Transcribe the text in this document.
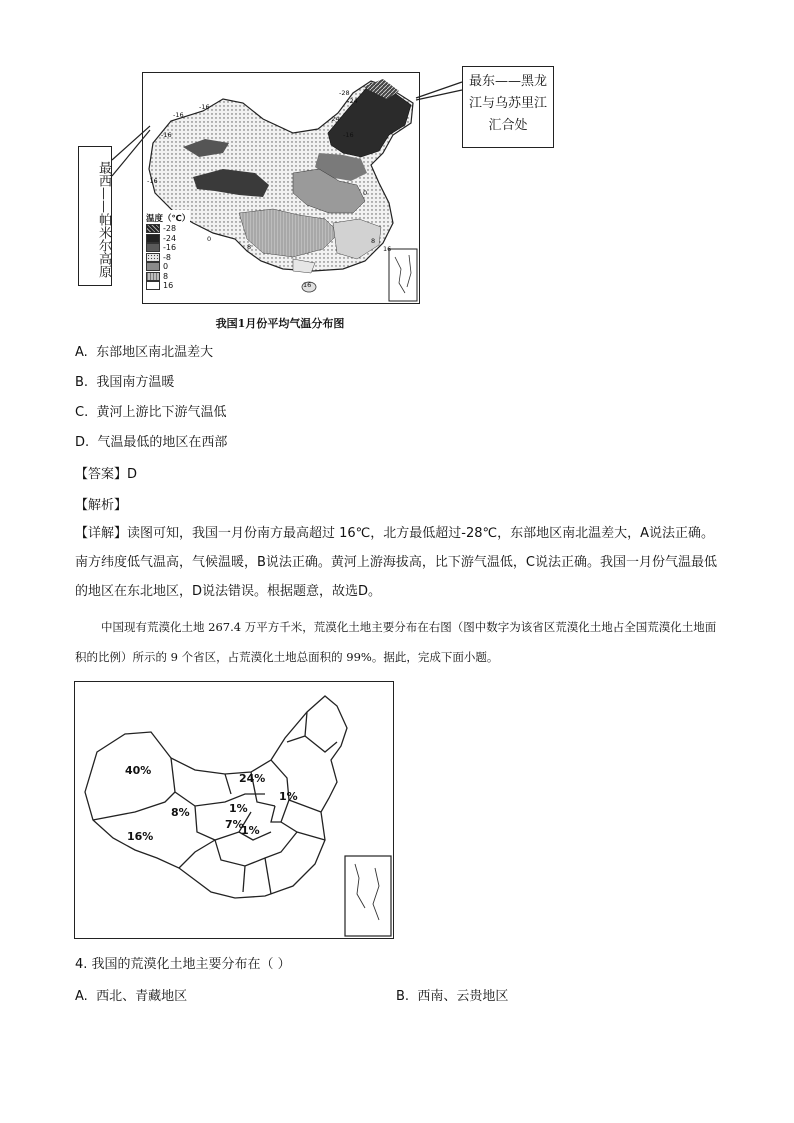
-16
-16
-16
-16
-28
-24
-24
-16
0
0
8
8
16
16
温度（℃）
-28
-24
-16
-8
0
8
16
最东——黑龙江与乌苏里江汇合处
最西——帕米尔高原
我国1月份平均气温分布图
A. 东部地区南北温差大
B. 我国南方温暖
C. 黄河上游比下游气温低
D. 气温最低的地区在西部
【答案】D
【解析】
【详解】读图可知，我国一月份南方最高超过 16℃，北方最低超过-28℃，东部地区南北温差大，A说法正确。南方纬度低气温高，气候温暖，B说法正确。黄河上游海拔高，比下游气温低，C说法正确。我国一月份气温最低的地区在东北地区，D说法错误。根据题意，故选D。
中国现有荒漠化土地 267.4 万平方千米，荒漠化土地主要分布在右图（图中数字为该省区荒漠化土地占全国荒漠化土地面积的比例）所示的 9 个省区，占荒漠化土地总面积的 99%。据此，完成下面小题。
40%
24%
8%	1%
1%
7%
1%
16%
4. 我国的荒漠化土地主要分布在（ ）
A. 西北、青藏地区	B. 西南、云贵地区
